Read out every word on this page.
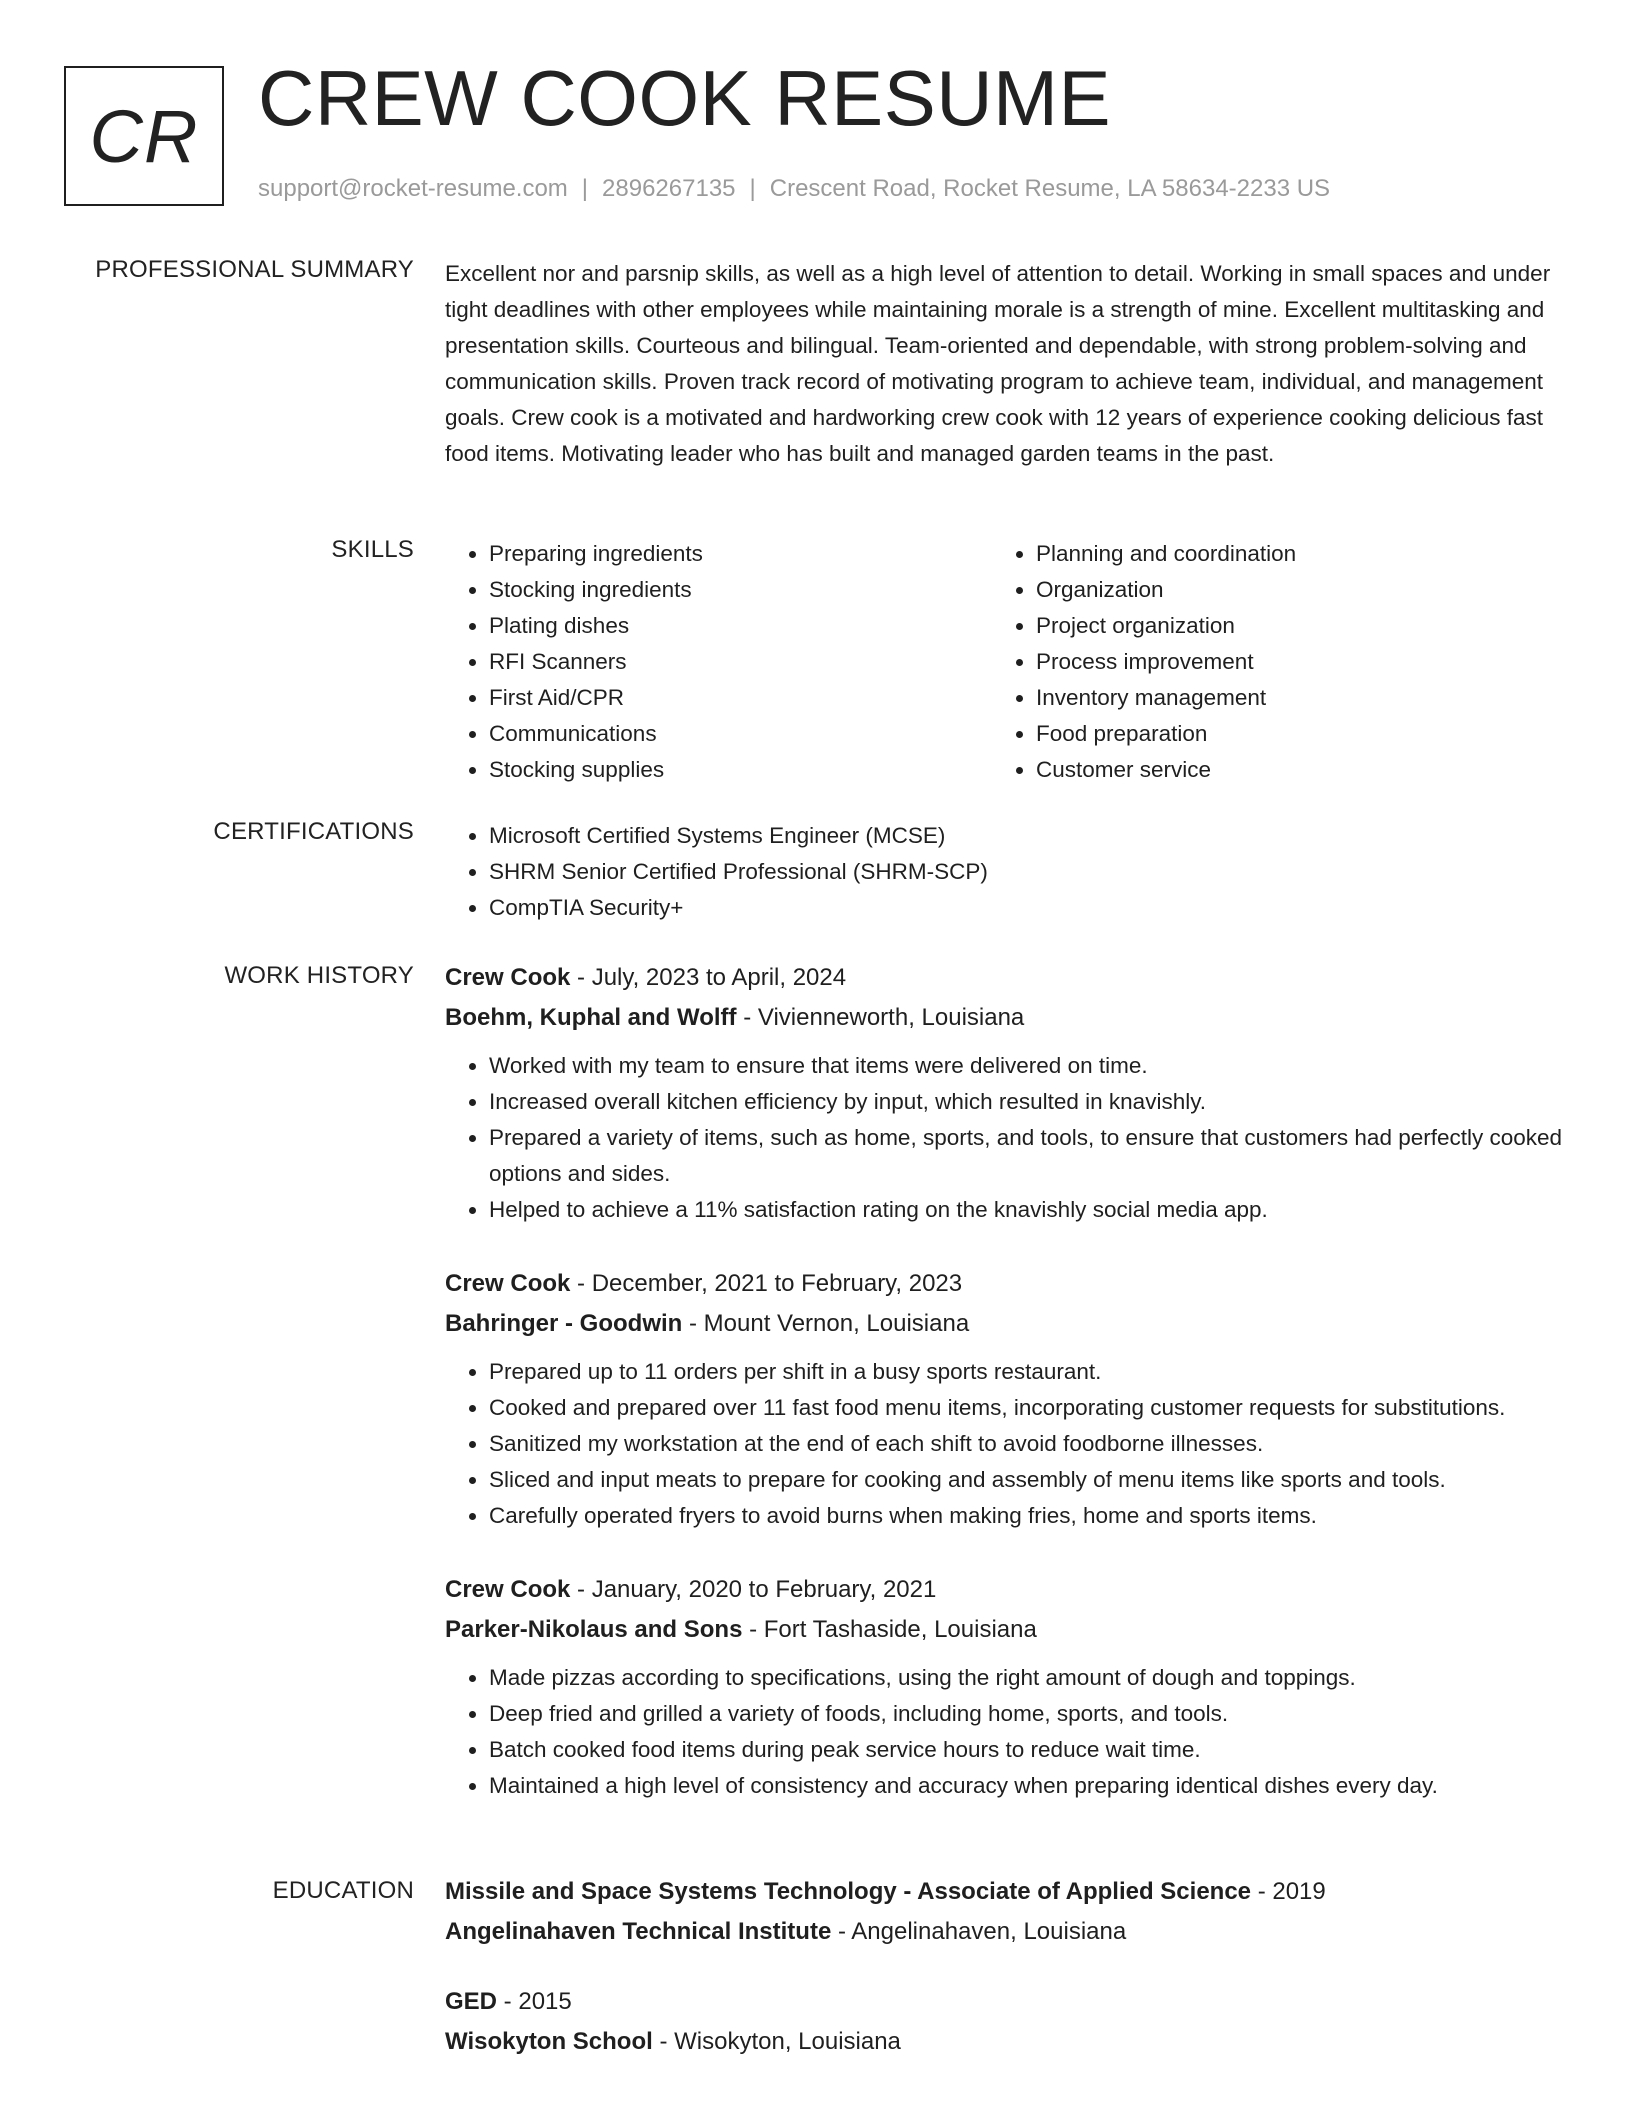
CR CREW COOK RESUME
support@rocket-resume.com | 2896267135 | Crescent Road, Rocket Resume, LA 58634-2233 US
PROFESSIONAL SUMMARY Excellent nor and parsnip skills, as well as a high level of attention to detail. Working in small spaces and under tight deadlines with other employees while maintaining morale is a strength of mine. Excellent multitasking and presentation skills. Courteous and bilingual. Team-oriented and dependable, with strong problem-solving and communication skills. Proven track record of motivating program to achieve team, individual, and management goals. Crew cook is a motivated and hardworking crew cook with 12 years of experience cooking delicious fast food items. Motivating leader who has built and managed garden teams in the past.

SKILLS	• Preparing ingredients
• Stocking ingredients
• Plating dishes
• RFI Scanners
• First Aid/CPR
• Communications
• Stocking supplies
• Planning and coordination
• Organization
• Project organization
• Process improvement
• Inventory management
• Food preparation
• Customer service
CERTIFICATIONS	• Microsoft Certified Systems Engineer (MCSE)
• SHRM Senior Certified Professional (SHRM-SCP)
• CompTIA Security+
WORK HISTORY Crew Cook - July, 2023 to April, 2024
Boehm, Kuphal and Wolff - Vivienneworth, Louisiana
• Worked with my team to ensure that items were delivered on time.
• Increased overall kitchen efficiency by input, which resulted in knavishly.
• Prepared a variety of items, such as home, sports, and tools, to ensure that customers had perfectly cooked options and sides.
• Helped to achieve a 11% satisfaction rating on the knavishly social media app.
Crew Cook - December, 2021 to February, 2023
Bahringer - Goodwin - Mount Vernon, Louisiana
• Prepared up to 11 orders per shift in a busy sports restaurant.
• Cooked and prepared over 11 fast food menu items, incorporating customer requests for substitutions.
• Sanitized my workstation at the end of each shift to avoid foodborne illnesses.
• Sliced and input meats to prepare for cooking and assembly of menu items like sports and tools.
• Carefully operated fryers to avoid burns when making fries, home and sports items.
Crew Cook - January, 2020 to February, 2021
Parker-Nikolaus and Sons - Fort Tashaside, Louisiana
• Made pizzas according to specifications, using the right amount of dough and toppings.
• Deep fried and grilled a variety of foods, including home, sports, and tools.
• Batch cooked food items during peak service hours to reduce wait time.
• Maintained a high level of consistency and accuracy when preparing identical dishes every day.
EDUCATION Missile and Space Systems Technology - Associate of Applied Science - 2019
Angelinahaven Technical Institute - Angelinahaven, Louisiana
GED - 2015
Wisokyton School - Wisokyton, Louisiana
